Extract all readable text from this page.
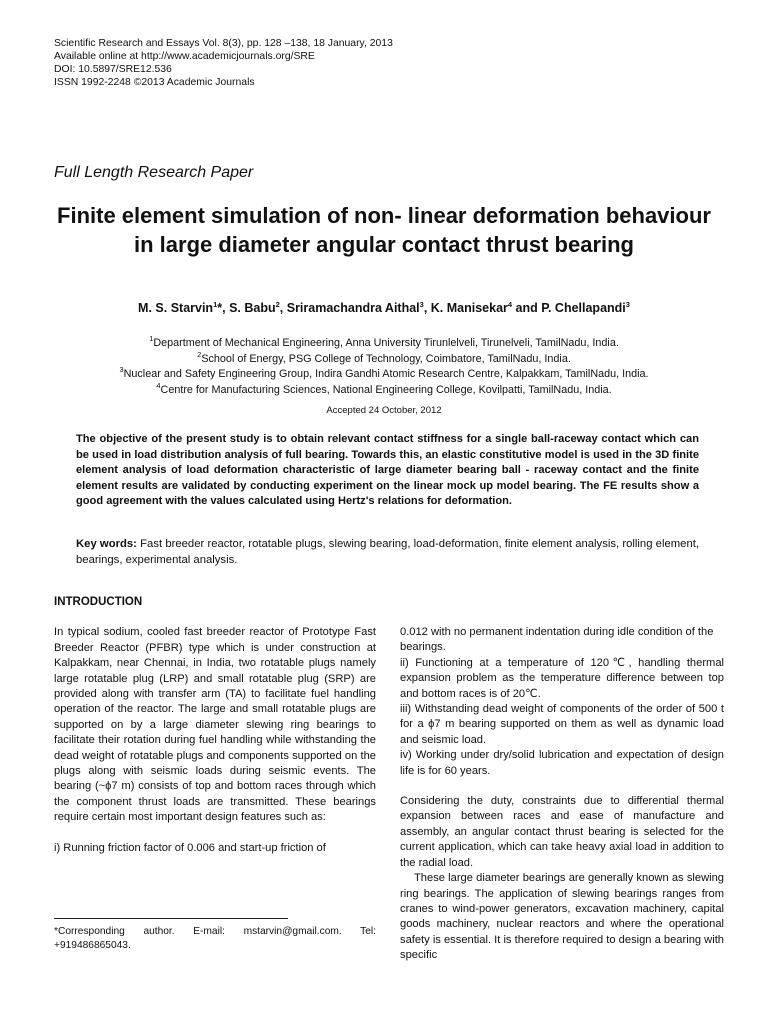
Scientific Research and Essays Vol. 8(3), pp. 128 –138, 18 January, 2013
Available online at http://www.academicjournals.org/SRE
DOI: 10.5897/SRE12.536
ISSN 1992-2248 ©2013 Academic Journals
Full Length Research Paper
Finite element simulation of non- linear deformation behaviour in large diameter angular contact thrust bearing
M. S. Starvin$^1$*, S. Babu$^2$, Sriramachandra Aithal$^3$, K. Manisekar$^4$ and P. Chellapandi$^3$
$^1$Department of Mechanical Engineering, Anna University Tirunlelveli, Tirunelveli, TamilNadu, India.
$^2$School of Energy, PSG College of Technology, Coimbatore, TamilNadu, India.
$^3$Nuclear and Safety Engineering Group, Indira Gandhi Atomic Research Centre, Kalpakkam, TamilNadu, India.
$^4$Centre for Manufacturing Sciences, National Engineering College, Kovilpatti, TamilNadu, India.
Accepted 24 October, 2012
The objective of the present study is to obtain relevant contact stiffness for a single ball-raceway contact which can be used in load distribution analysis of full bearing. Towards this, an elastic constitutive model is used in the 3D finite element analysis of load deformation characteristic of large diameter bearing ball - raceway contact and the finite element results are validated by conducting experiment on the linear mock up model bearing. The FE results show a good agreement with the values calculated using Hertz's relations for deformation.
Key words: Fast breeder reactor, rotatable plugs, slewing bearing, load-deformation, finite element analysis, rolling element, bearings, experimental analysis.

INTRODUCTION

In typical sodium, cooled fast breeder reactor of Prototype Fast Breeder Reactor (PFBR) type which is under construction at Kalpakkam, near Chennai, in India, two rotatable plugs namely large rotatable plug (LRP) and small rotatable plug (SRP) are provided along with transfer arm (TA) to facilitate fuel handling operation of the reactor. The large and small rotatable plugs are supported on by a large diameter slewing ring bearings to facilitate their rotation during fuel handling while withstanding the dead weight of rotatable plugs and components supported on the plugs along with seismic loads during seismic events. The bearing (~ϕ7 m) consists of top and bottom races through which the component thrust loads are transmitted. These bearings require certain most important design features such as:

i) Running friction factor of 0.006 and start-up friction of

0.012 with no permanent indentation during idle condition of the bearings.

ii) Functioning at a temperature of 120℃, handling thermal expansion problem as the temperature difference between top and bottom races is of 20℃.

iii) Withstanding dead weight of components of the order of 500 t for a ϕ7 m bearing supported on them as well as dynamic load and seismic load.

iv) Working under dry/solid lubrication and expectation of design life is for 60 years.

Considering the duty, constraints due to differential thermal expansion between races and ease of manufacture and assembly, an angular contact thrust bearing is selected for the current application, which can take heavy axial load in addition to the radial load.

These large diameter bearings are generally known as slewing ring bearings. The application of slewing bearings ranges from cranes to wind-power generators, excavation machinery, capital goods machinery, nuclear reactors and where the operational safety is essential. It is therefore required to design a bearing with specific

*Corresponding author. E-mail: mstarvin@gmail.com. Tel: +919486865043.
